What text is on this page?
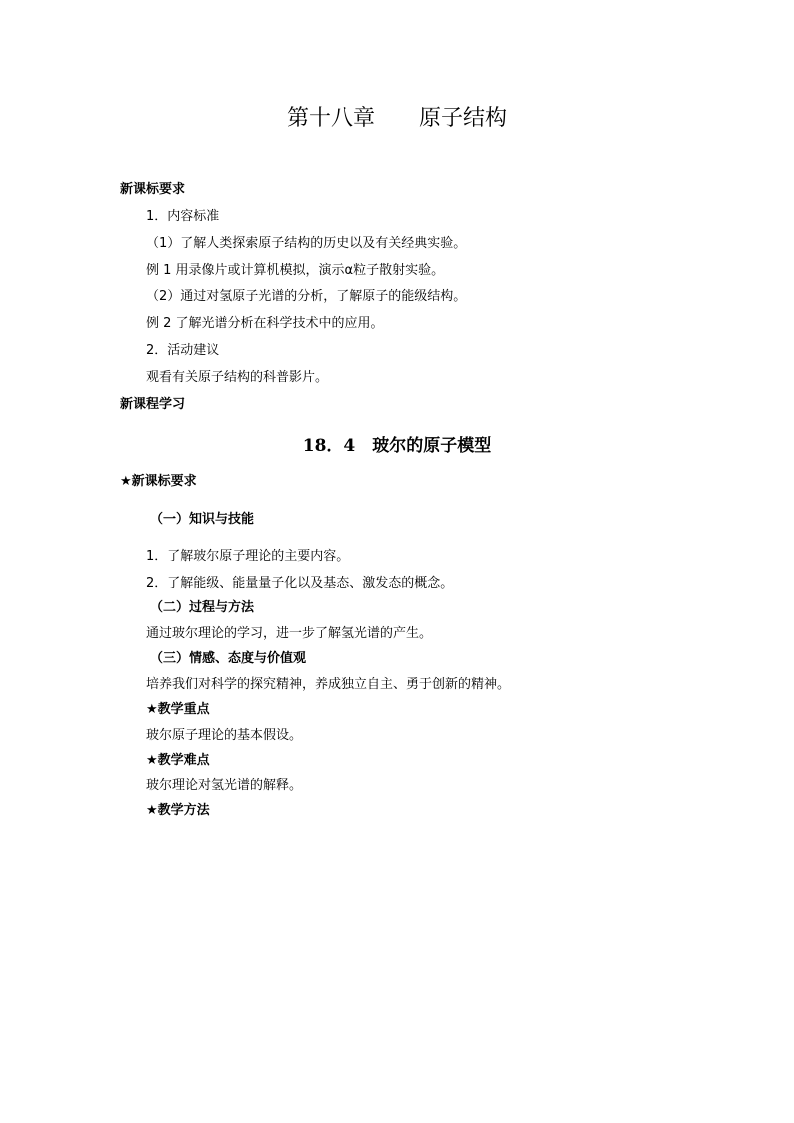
第十八章　　原子结构
新课标要求
1．内容标准
（1）了解人类探索原子结构的历史以及有关经典实验。
例 1 用录像片或计算机模拟，演示α粒子散射实验。
（2）通过对氢原子光谱的分析，了解原子的能级结构。
例 2 了解光谱分析在科学技术中的应用。
2．活动建议
观看有关原子结构的科普影片。
新课程学习
18．4　玻尔的原子模型
★新课标要求
（一）知识与技能
1．了解玻尔原子理论的主要内容。
2．了解能级、能量量子化以及基态、激发态的概念。
（二）过程与方法
通过玻尔理论的学习，进一步了解氢光谱的产生。
（三）情感、态度与价值观
培养我们对科学的探究精神，养成独立自主、勇于创新的精神。
★教学重点
玻尔原子理论的基本假设。
★教学难点
玻尔理论对氢光谱的解释。
★教学方法
